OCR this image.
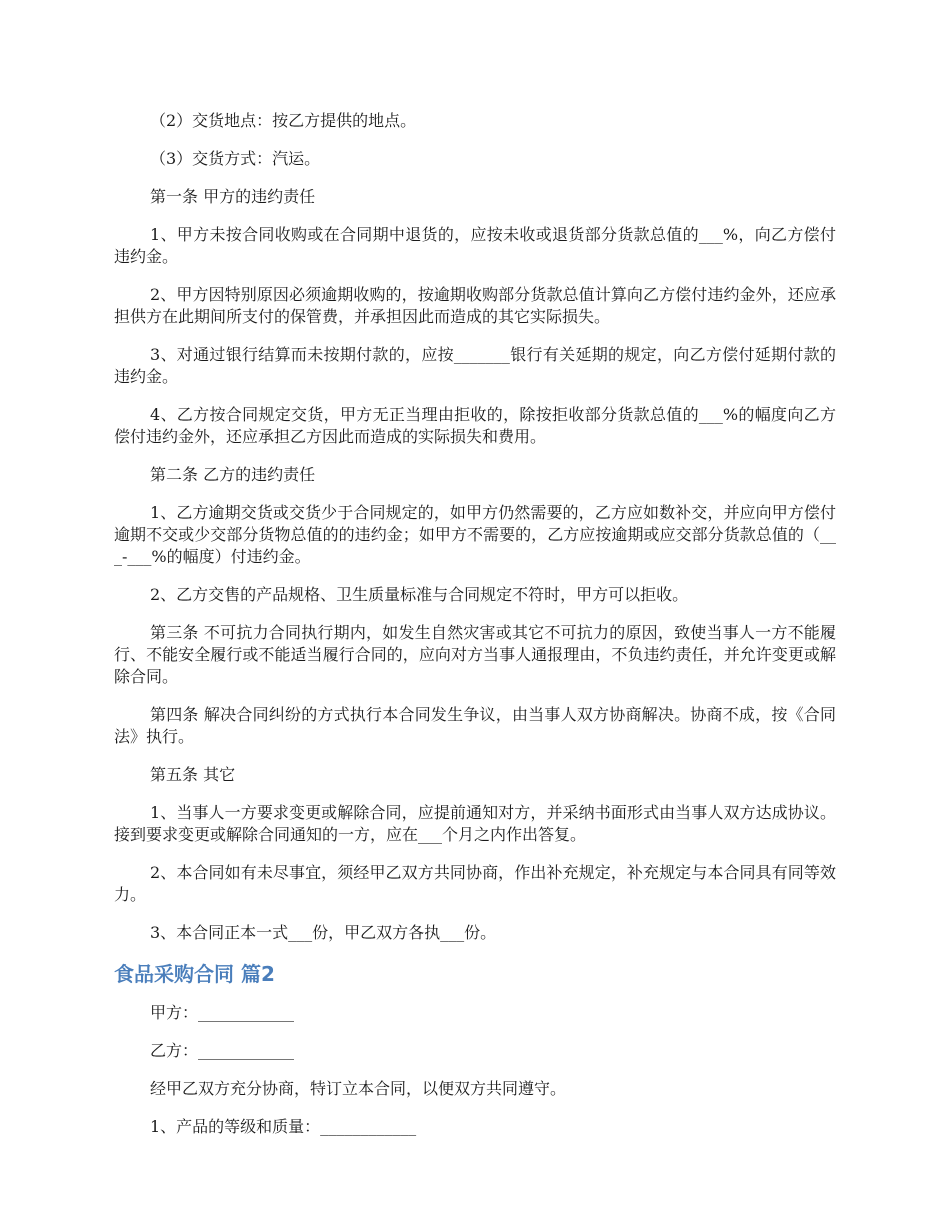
（2）交货地点：按乙方提供的地点。

（3）交货方式：汽运。

第一条 甲方的违约责任

1、甲方未按合同收购或在合同期中退货的，应按未收或退货部分货款总值的___%，向乙方偿付违约金。

2、甲方因特别原因必须逾期收购的，按逾期收购部分货款总值计算向乙方偿付违约金外，还应承担供方在此期间所支付的保管费，并承担因此而造成的其它实际损失。

3、对通过银行结算而未按期付款的，应按_______银行有关延期的规定，向乙方偿付延期付款的违约金。

4、乙方按合同规定交货，甲方无正当理由拒收的，除按拒收部分货款总值的___%的幅度向乙方偿付违约金外，还应承担乙方因此而造成的实际损失和费用。

第二条 乙方的违约责任

1、乙方逾期交货或交货少于合同规定的，如甲方仍然需要的，乙方应如数补交，并应向甲方偿付逾期不交或少交部分货物总值的的违约金；如甲方不需要的，乙方应按逾期或应交部分货款总值的（___-___%的幅度）付违约金。

2、乙方交售的产品规格、卫生质量标准与合同规定不符时，甲方可以拒收。

第三条 不可抗力合同执行期内，如发生自然灾害或其它不可抗力的原因，致使当事人一方不能履行、不能安全履行或不能适当履行合同的，应向对方当事人通报理由，不负违约责任，并允许变更或解除合同。

第四条 解决合同纠纷的方式执行本合同发生争议，由当事人双方协商解决。协商不成，按《合同法》执行。

第五条 其它

1、当事人一方要求变更或解除合同，应提前通知对方，并采纳书面形式由当事人双方达成协议。接到要求变更或解除合同通知的一方，应在___个月之内作出答复。

2、本合同如有未尽事宜，须经甲乙双方共同协商，作出补充规定，补充规定与本合同具有同等效力。

3、本合同正本一式___份，甲乙双方各执___份。

食品采购合同 篇2

甲方：____________

乙方：____________

经甲乙双方充分协商，特订立本合同，以便双方共同遵守。

1、产品的等级和质量：____________
